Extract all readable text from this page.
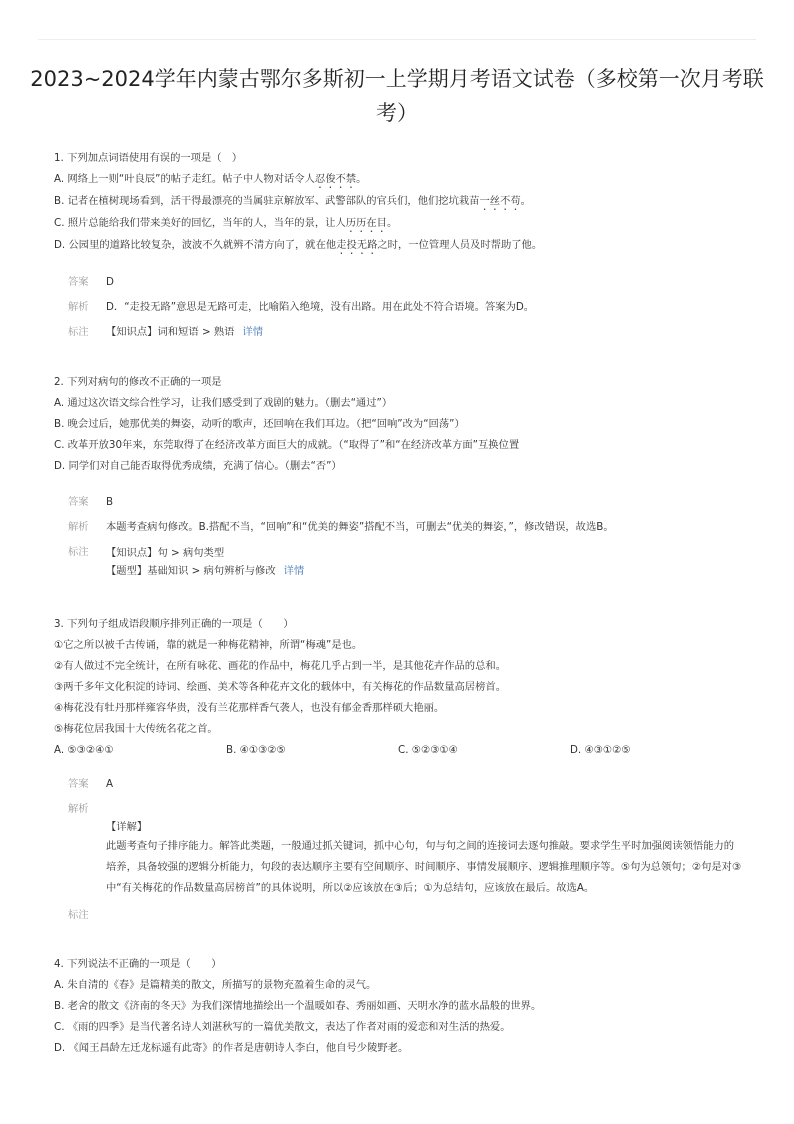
2023~2024学年内蒙古鄂尔多斯初一上学期月考语文试卷（多校第一次月考联考）
1. 下列加点词语使用有误的一项是（　）
A. 网络上一则“叶良辰”的帖子走红。帖子中人物对话令人忍俊不禁。
B. 记者在植树现场看到，活干得最漂亮的当属驻京解放军、武警部队的官兵们，他们挖坑栽苗一丝不苟。
C. 照片总能给我们带来美好的回忆，当年的人，当年的景，让人历历在目。
D. 公园里的道路比较复杂，波波不久就辨不清方向了，就在他走投无路之时，一位管理人员及时帮助了他。
答案	D
解析	D．“走投无路”意思是无路可走，比喻陷入绝境，没有出路。用在此处不符合语境。答案为D。
标注	【知识点】词和短语 > 熟语 详情
2. 下列对病句的修改不正确的一项是
A. 通过这次语文综合性学习，让我们感受到了戏剧的魅力。（删去“通过”）
B. 晚会过后，她那优美的舞姿，动听的歌声，还回响在我们耳边。（把“回响”改为“回荡”）
C. 改革开放30年来，东莞取得了在经济改革方面巨大的成就。（“取得了”和“在经济改革方面”互换位置
D. 同学们对自己能否取得优秀成绩，充满了信心。（删去“否”）
答案	B
解析	本题考查病句修改。B.搭配不当，“回响”和“优美的舞姿”搭配不当，可删去“优美的舞姿，”，修改错误，故选B。
标注	【知识点】句 > 病句类型
【题型】基础知识 > 病句辨析与修改 详情
3. 下列句子组成语段顺序排列正确的一项是（　　）
①它之所以被千古传诵，靠的就是一种梅花精神，所谓“梅魂”是也。
②有人做过不完全统计，在所有咏花、画花的作品中，梅花几乎占到一半，是其他花卉作品的总和。
③两千多年文化积淀的诗词、绘画、美术等各种花卉文化的载体中，有关梅花的作品数量高居榜首。
④梅花没有牡丹那样雍容华贵，没有兰花那样香气袭人，也没有郁金香那样硕大艳丽。
⑤梅花位居我国十大传统名花之首。
A. ⑤③②④①	B. ④①③②⑤	C. ⑤②③①④	D. ④③①②⑤
答案	A
解析
【详解】
此题考查句子排序能力。解答此类题，一般通过抓关键词，抓中心句，句与句之间的连接词去逐句推敲。要求学生平时加强阅读领悟能力的培养，具备较强的逻辑分析能力，句段的表达顺序主要有空间顺序、时间顺序、事情发展顺序、逻辑推理顺序等。⑤句为总领句；②句是对③中“有关梅花的作品数量高居榜首”的具体说明，所以②应该放在③后；①为总结句，应该放在最后。故选A。
标注
4. 下列说法不正确的一项是（　　）
A. 朱自清的《春》是篇精美的散文，所描写的景物充盈着生命的灵气。
B. 老舍的散文《济南的冬天》为我们深情地描绘出一个温暖如春、秀丽如画、天明水净的蓝水晶般的世界。
C. 《雨的四季》是当代著名诗人刘湛秋写的一篇优美散文，表达了作者对雨的爱恋和对生活的热爱。
D. 《闻王昌龄左迁龙标遥有此寄》的作者是唐朝诗人李白，他自号少陵野老。
